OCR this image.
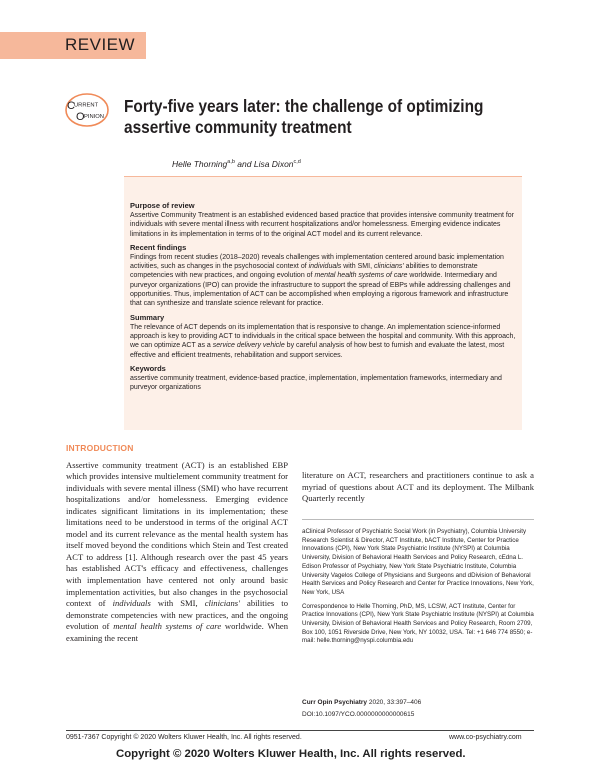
REVIEW
C URRENT
O PINION
Forty-five years later: the challenge of optimizing
assertive community treatment
Helle Thorning$^{a,b}$ and Lisa Dixon$^{c,d}$
Purpose of review

Assertive Community Treatment is an established evidenced based practice that provides intensive community treatment for individuals with severe mental illness with recurrent hospitalizations and/or homelessness. Emerging evidence indicates limitations in its implementation in terms of to the original ACT model and its current relevance.

Recent findings

Findings from recent studies (2018–2020) reveals challenges with implementation centered around basic implementation activities, such as changes in the psychosocial context of individuals with SMI, clinicians' abilities to demonstrate competencies with new practices, and ongoing evolution of mental health systems of care worldwide. Intermediary and purveyor organizations (IPO) can provide the infrastructure to support the spread of EBPs while addressing challenges and opportunities. Thus, implementation of ACT can be accomplished when employing a rigorous framework and infrastructure that can synthesize and translate science relevant for practice.

Summary

The relevance of ACT depends on its implementation that is responsive to change. An implementation science-informed approach is key to providing ACT to individuals in the critical space between the hospital and community. With this approach, we can optimize ACT as a service delivery vehicle by careful analysis of how best to furnish and evaluate the latest, most effective and efficient treatments, rehabilitation and support services.

Keywords

assertive community treatment, evidence-based practice, implementation, implementation frameworks, intermediary and purveyor organizations

INTRODUCTION

Assertive community treatment (ACT) is an established EBP which provides intensive multielement community treatment for individuals with severe mental illness (SMI) who have recurrent hospitalizations and/or homelessness. Emerging evidence indicates significant limitations in its implementation; these limitations need to be understood in terms of the original ACT model and its current relevance as the mental health system has itself moved beyond the conditions which Stein and Test created ACT to address [1]. Although research over the past 45 years has established ACT's efficacy and effectiveness, challenges with implementation have centered not only around basic implementation activities, but also changes in the psychosocial context of individuals with SMI, clinicians' abilities to demonstrate competencies with new practices, and the ongoing evolution of mental health systems of care worldwide. When examining the recent

literature on ACT, researchers and practitioners continue to ask a myriad of questions about ACT and its deployment. The Milbank Quarterly recently

aClinical Professor of Psychiatric Social Work (in Psychiatry), Columbia University Research Scientist & Director, ACT Institute, bACT Institute, Center for Practice Innovations (CPI), New York State Psychiatric Institute (NYSPI) at Columbia University, Division of Behavioral Health Services and Policy Research, cEdna L. Edison Professor of Psychiatry, New York State Psychiatric Institute, Columbia University Vagelos College of Physicians and Surgeons and dDivision of Behavioral Health Services and Policy Research and Center for Practice Innovations, New York, New York, USA

Correspondence to Helle Thorning, PhD, MS, LCSW, ACT Institute, Center for Practice Innovations (CPI), New York State Psychiatric Institute (NYSPI) at Columbia University, Division of Behavioral Health Services and Policy Research, Room 2709, Box 100, 1051 Riverside Drive, New York, NY 10032, USA. Tel: +1 646 774 8550; e-mail: helle.thorning@nyspi.columbia.edu

Curr Opin Psychiatry 2020, 33:397–406
DOI:10.1097/YCO.0000000000000615
0951-7367 Copyright © 2020 Wolters Kluwer Health, Inc. All rights reserved.	www.co-psychiatry.com
Copyright © 2020 Wolters Kluwer Health, Inc. All rights reserved.
